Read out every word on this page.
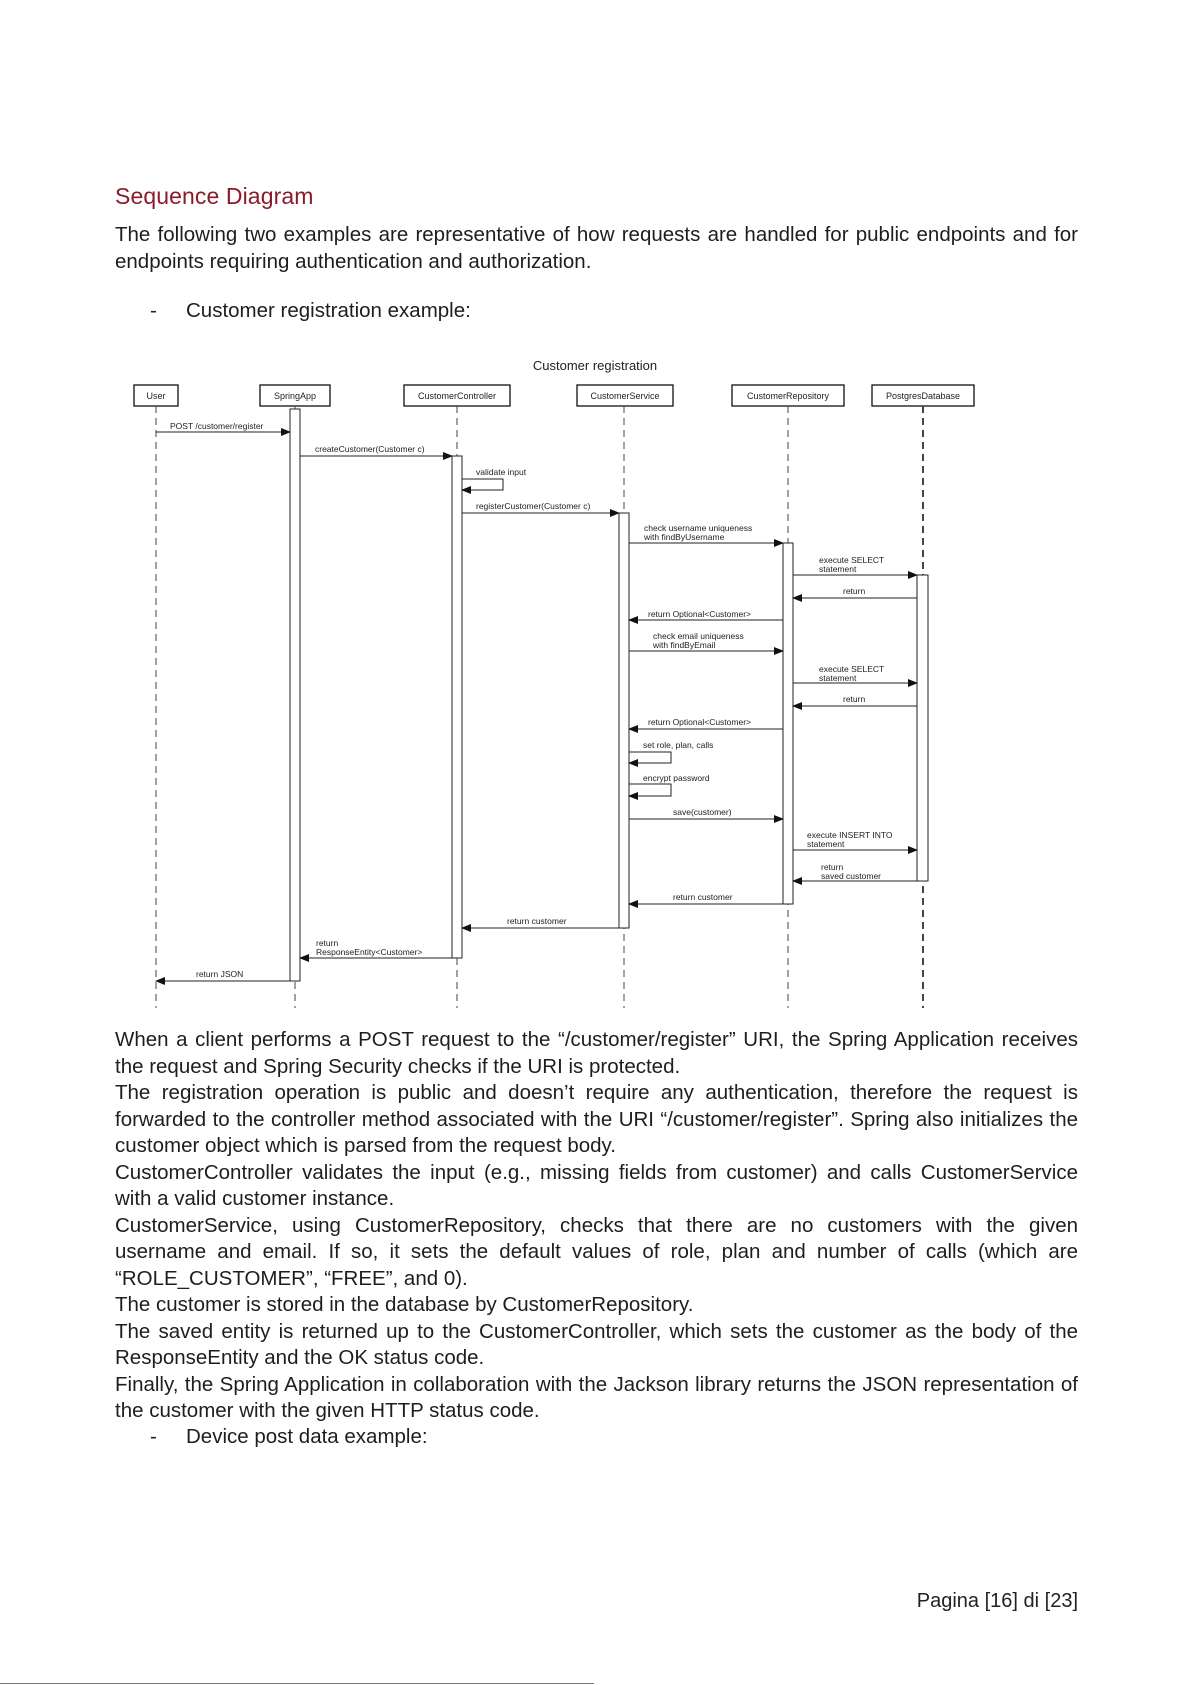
Sequence Diagram

The following two examples are representative of how requests are handled for public endpoints and for endpoints requiring authentication and authorization.

- Customer registration example:
Customer registration
User	SpringApp	CustomerController	CustomerService	CustomerRepository	PostgresDatabase
POST /customer/register
createCustomer(Customer c)
validate input
registerCustomer(Customer c)
check username uniqueness
with findByUsername
execute SELECT
statement
return
return Optional<Customer>
check email uniqueness
with findByEmail
execute SELECT
statement
return
return Optional<Customer>
set role, plan, calls
encrypt password
save(customer)
execute INSERT INTO
statement
return
saved customer
return customer
return customer
return
ResponseEntity<Customer>
return JSON

When a client performs a POST request to the “/customer/register” URI, the Spring Application receives the request and Spring Security checks if the URI is protected.

The registration operation is public and doesn’t require any authentication, therefore the request is forwarded to the controller method associated with the URI “/customer/register”. Spring also initializes the customer object which is parsed from the request body.

CustomerController validates the input (e.g., missing fields from customer) and calls CustomerService with a valid customer instance.

CustomerService, using CustomerRepository, checks that there are no customers with the given username and email. If so, it sets the default values of role, plan and number of calls (which are “ROLE_CUSTOMER”, “FREE”, and 0).

The customer is stored in the database by CustomerRepository.

The saved entity is returned up to the CustomerController, which sets the customer as the body of the ResponseEntity and the OK status code.

Finally, the Spring Application in collaboration with the Jackson library returns the JSON representation of the customer with the given HTTP status code.

- Device post data example:
Pagina [16] di [23]
